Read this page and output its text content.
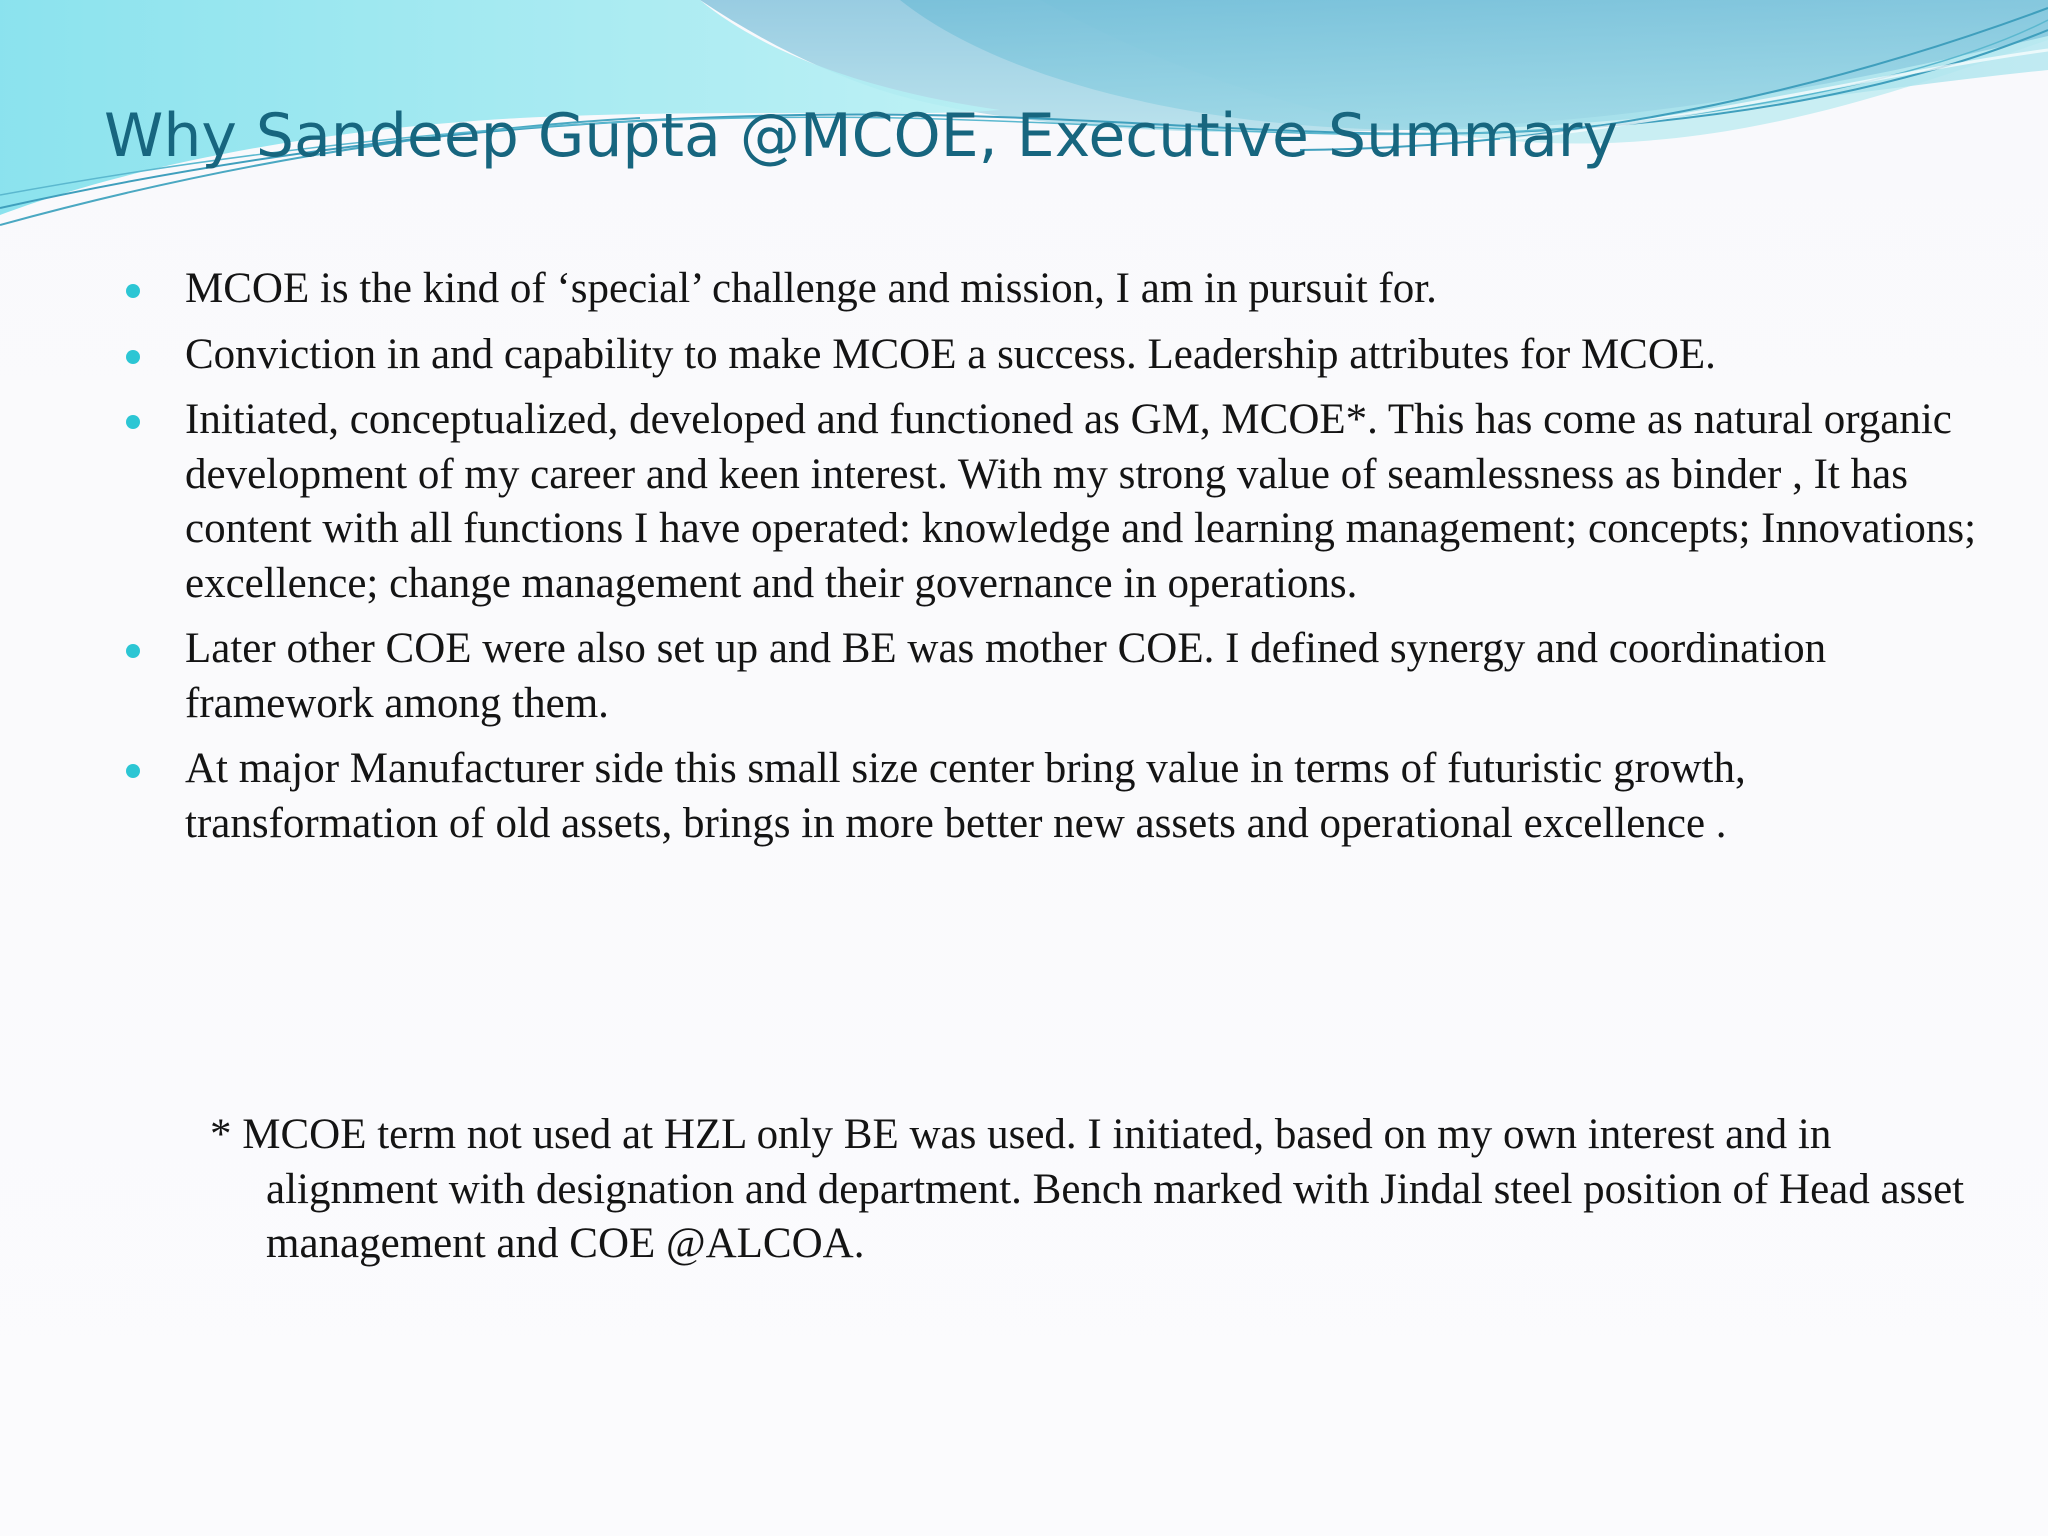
Why Sandeep Gupta @MCOE, Executive Summary
MCOE is the kind of ‘special’ challenge and mission, I am in pursuit for.
Conviction in and capability to make MCOE a success. Leadership attributes for MCOE.
Initiated, conceptualized, developed and functioned as GM, MCOE*. This has come as natural organic development of my career and keen interest. With my strong value of seamlessness as binder , It has content with all functions I have operated: knowledge and learning management; concepts; Innovations; excellence; change management and their governance in operations.
Later other COE were also set up and BE was mother COE. I defined synergy and coordination framework among them.
At major Manufacturer side this small size center bring value in terms of futuristic growth, transformation of old assets, brings in more better new assets and operational excellence .

* MCOE term not used at HZL only BE was used. I initiated, based on my own interest and in alignment with designation and department. Bench marked with Jindal steel position of Head asset management and COE @ALCOA.
